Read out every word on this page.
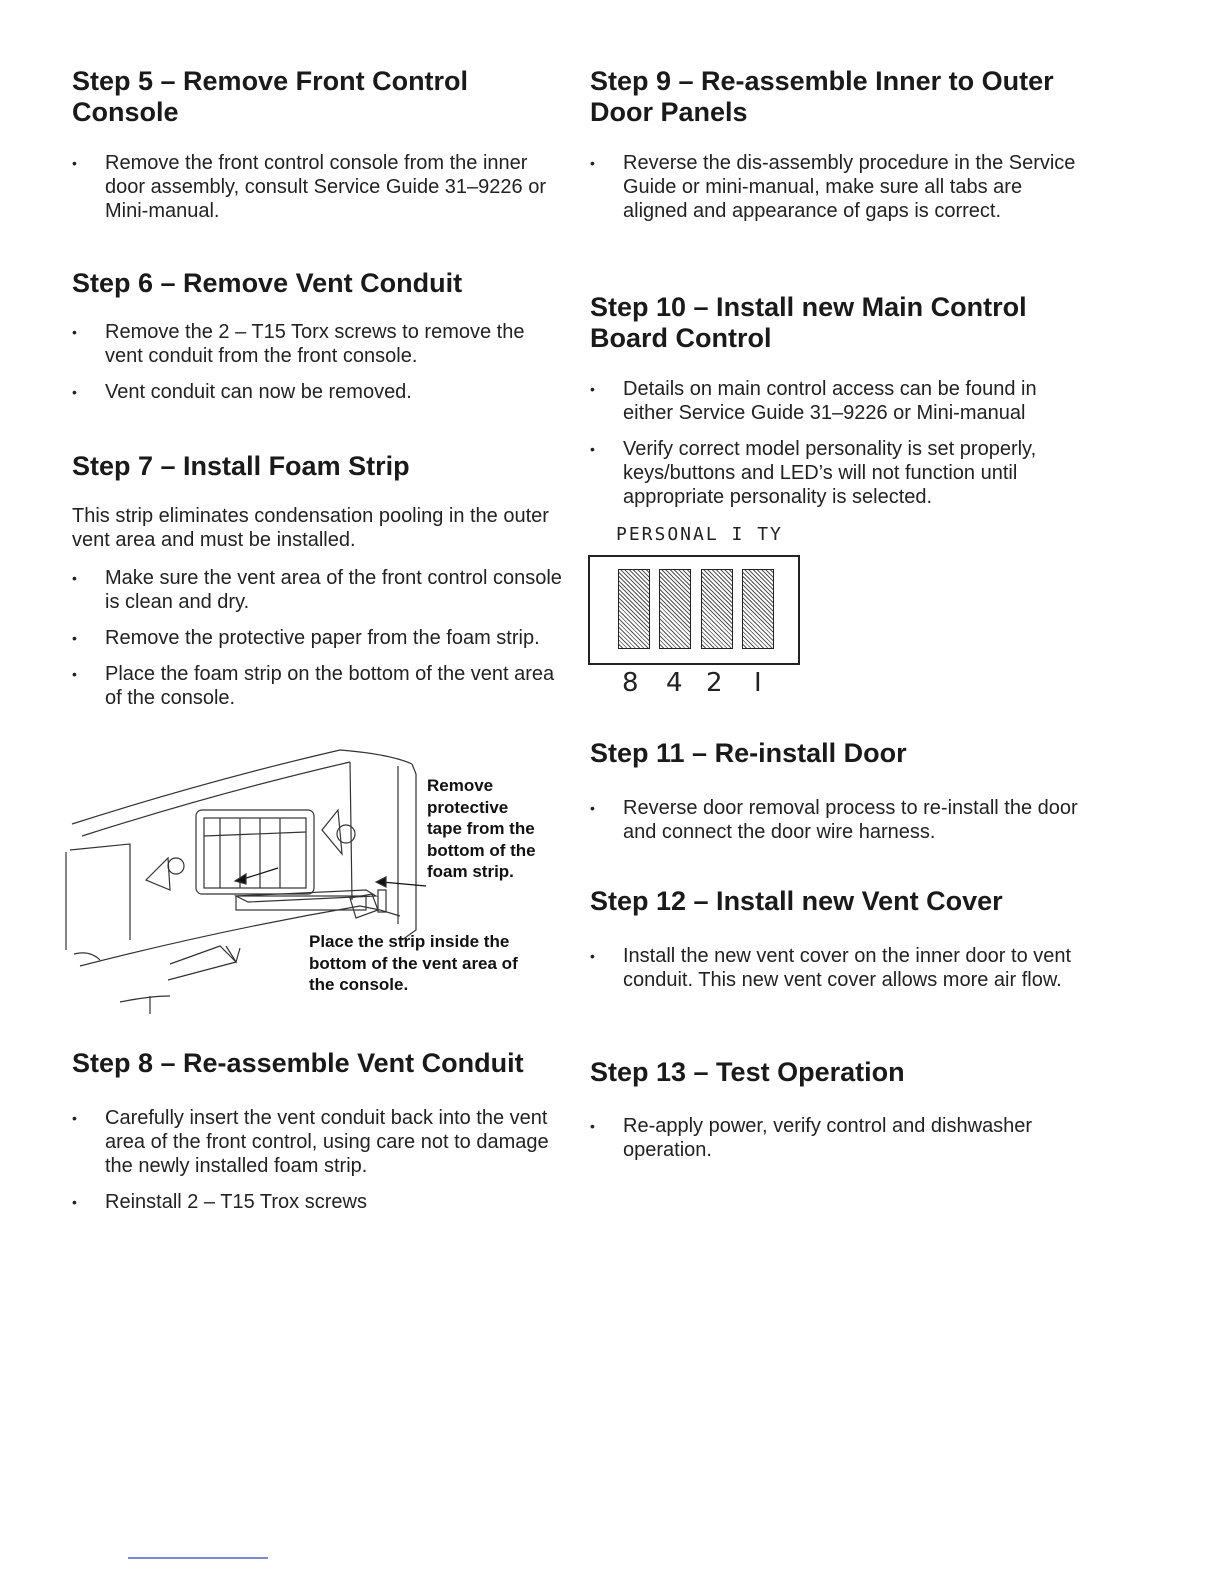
Step 5 – Remove Front Control
Console
• Remove the front control console from the inner door assembly, consult Service Guide 31–9226 or Mini-manual.
Step 6 – Remove Vent Conduit
• Remove the 2 – T15 Torx screws to remove the vent conduit from the front console.
• Vent conduit can now be removed.
Step 7 – Install Foam Strip

This strip eliminates condensation pooling in the outer vent area and must be installed.

• Make sure the vent area of the front control console is clean and dry.
• Remove the protective paper from the foam strip.
• Place the foam strip on the bottom of the vent area of the console.
Step 8 – Re-assemble Vent Conduit
• Carefully insert the vent conduit back into the vent area of the front control, using care not to damage the newly installed foam strip.
• Reinstall 2 – T15 Trox screws
Remove
protective
tape from the
bottom of the
foam strip.
Place the strip inside the
bottom of the vent area of
the console.
Step 9 – Re-assemble Inner to Outer
Door Panels
• Reverse the dis-assembly procedure in the Service Guide or mini-manual, make sure all tabs are aligned and appearance of gaps is correct.
Step 10 – Install new Main Control
Board Control
• Details on main control access can be found in either Service Guide 31–9226 or Mini-manual
• Verify correct model personality is set properly, keys/buttons and LED’s will not function until appropriate personality is selected.
Step 11 – Re-install Door
• Reverse door removal process to re-install the door and connect the door wire harness.
Step 12 – Install new Vent Cover
• Install the new vent cover on the inner door to vent conduit. This new vent cover allows more air flow.
Step 13 – Test Operation
• Re-apply power, verify control and dishwasher operation.
PERSONAL I TY
8 4 2 I
